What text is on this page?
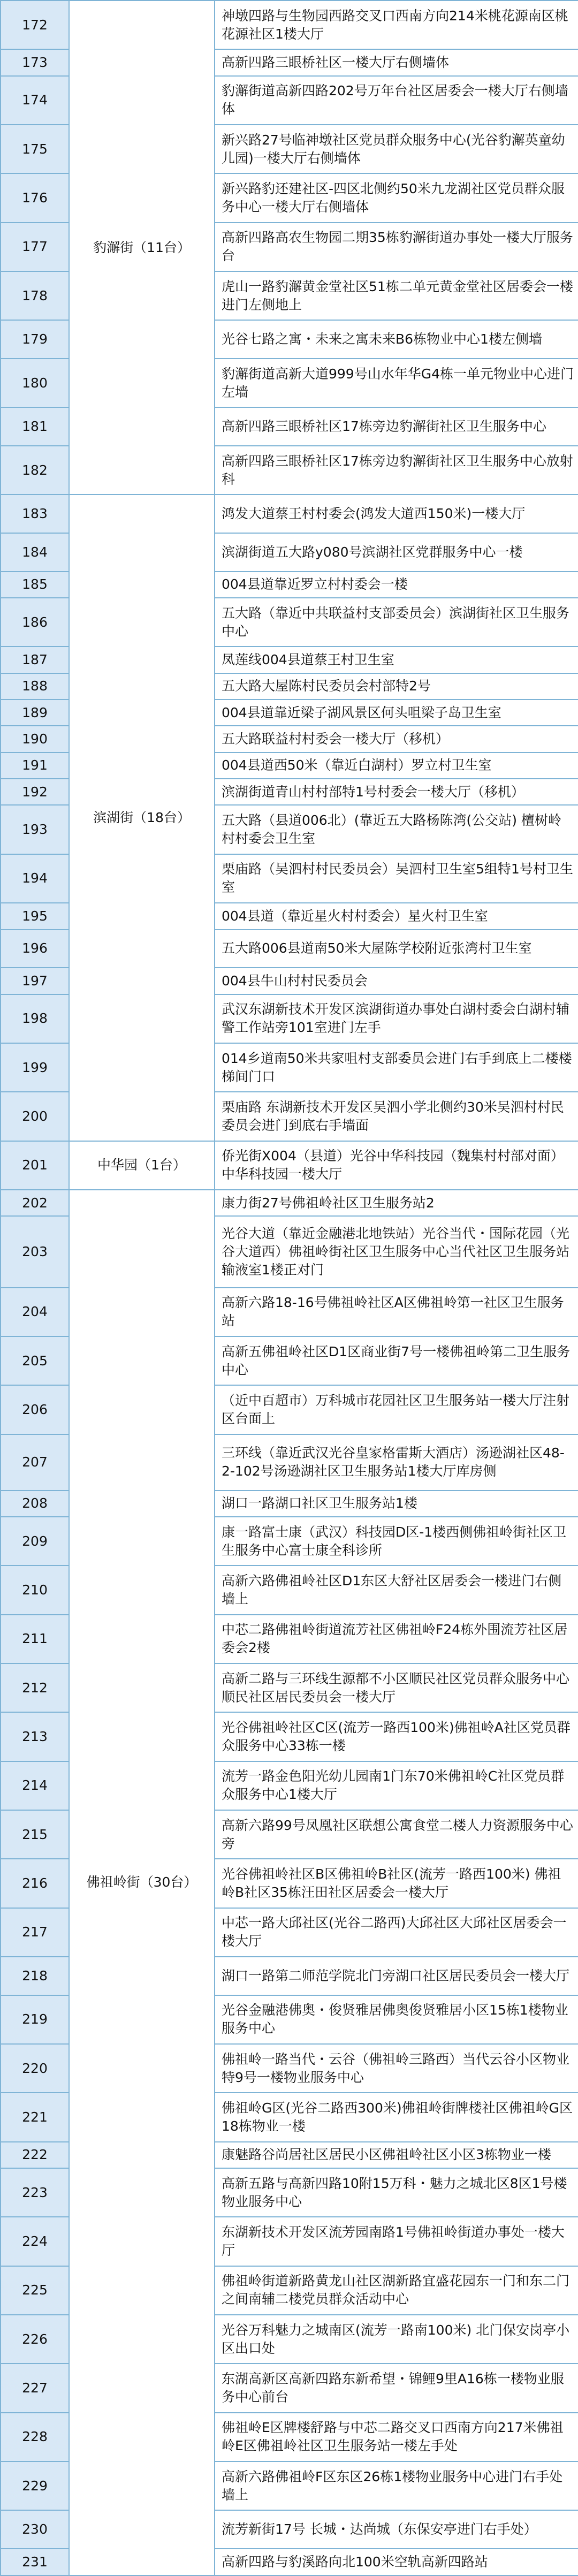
172	豹澥街（11台）	神墩四路与生物园西路交叉口西南方向214米桃花源南区桃花源社区1楼大厅
173		高新四路三眼桥社区一楼大厅右侧墙体
174		豹澥街道高新四路202号万年台社区居委会一楼大厅右侧墙体
175		新兴路27号临神墩社区党员群众服务中心(光谷豹澥英童幼儿园)一楼大厅右侧墙体
176		新兴路豹还建社区-四区北侧约50米九龙湖社区党员群众服务中心一楼大厅右侧墙体
177		高新四路高农生物园二期35栋豹澥街道办事处一楼大厅服务台
178		虎山一路豹澥黄金堂社区51栋二单元黄金堂社区居委会一楼进门左侧地上
179		光谷七路之寓・未来之寓未来B6栋物业中心1楼左侧墙
180		豹澥街道高新大道999号山水年华G4栋一单元物业中心进门左墙
181		高新四路三眼桥社区17栋旁边豹澥街社区卫生服务中心
182		高新四路三眼桥社区17栋旁边豹澥街社区卫生服务中心放射科
183	滨湖街（18台）	鸿发大道蔡王村村委会(鸿发大道西150米)一楼大厅
184		滨湖街道五大路y080号滨湖社区党群服务中心一楼
185		004县道靠近罗立村村委会一楼
186		五大路（靠近中共联益村支部委员会）滨湖街社区卫生服务中心
187		凤莲线004县道蔡王村卫生室
188		五大路大屋陈村民委员会村部特2号
189		004县道靠近梁子湖风景区何头咀梁子岛卫生室
190		五大路联益村村委会一楼大厅（移机）
191		004县道西50米（靠近白湖村）罗立村卫生室
192		滨湖街道青山村村部特1号村委会一楼大厅（移机）
193		五大路（县道006北）(靠近五大路杨陈湾(公交站) 檀树岭村村委会卫生室
194		栗庙路（吴泗村村民委员会）吴泗村卫生室5组特1号村卫生室
195		004县道（靠近星火村村委会）星火村卫生室
196		五大路006县道南50米大屋陈学校附近张湾村卫生室
197		004县牛山村村民委员会
198		武汉东湖新技术开发区滨湖街道办事处白湖村委会白湖村辅警工作站旁101室进门左手
199		014乡道南50米共家咀村支部委员会进门右手到底上二楼楼梯间门口
200		栗庙路 东湖新技术开发区吴泗小学北侧约30米吴泗村村民委员会进门到底右手墙面
201	中华园（1台）	侨光街X004（县道）光谷中华科技园（魏集村村部对面）中华科技园一楼大厅
202	佛祖岭街（30台）	康力街27号佛祖岭社区卫生服务站2
203		光谷大道（靠近金融港北地铁站）光谷当代・国际花园（光谷大道西）佛祖岭街社区卫生服务中心当代社区卫生服务站输液室1楼正对门
204		高新六路18-16号佛祖岭社区A区佛祖岭第一社区卫生服务站
205		高新五佛祖岭社区D1区商业街7号一楼佛祖岭第二卫生服务中心
206		（近中百超市）万科城市花园社区卫生服务站一楼大厅注射区台面上
207		三环线（靠近武汉光谷皇家格雷斯大酒店）汤逊湖社区48-2-102号汤逊湖社区卫生服务站1楼大厅库房侧
208		湖口一路湖口社区卫生服务站1楼
209		康一路富士康（武汉）科技园D区-1楼西侧佛祖岭街社区卫生服务中心富士康全科诊所
210		高新六路佛祖岭社区D1东区大舒社区居委会一楼进门右侧墙上
211		中芯二路佛祖岭街道流芳社区佛祖岭F24栋外围流芳社区居委会2楼
212		高新二路与三环线生源都不小区顺民社区党员群众服务中心顺民社区居民委员会一楼大厅
213		光谷佛祖岭社区C区(流芳一路西100米)佛祖岭A社区党员群众服务中心33栋一楼
214		流芳一路金色阳光幼儿园南1门东70米佛祖岭C社区党员群众服务中心1楼大厅
215		高新六路99号凤凰社区联想公寓食堂二楼人力资源服务中心旁
216		光谷佛祖岭社区B区佛祖岭B社区(流芳一路西100米) 佛祖岭B社区35栋汪田社区居委会一楼大厅
217		中芯一路大邱社区(光谷二路西)大邱社区大邱社区居委会一楼大厅
218		湖口一路第二师范学院北门旁湖口社区居民委员会一楼大厅
219		光谷金融港佛奥・俊贤雅居佛奥俊贤雅居小区15栋1楼物业服务中心
220		佛祖岭一路当代・云谷（佛祖岭三路西）当代云谷小区物业特9号一楼物业服务中心
221		佛祖岭G区(光谷二路西300米)佛祖岭街牌楼社区佛祖岭G区18栋物业一楼
222		康魅路谷尚居社区居民小区佛祖岭社区小区3栋物业一楼
223		高新五路与高新四路10附15万科・魅力之城北区8区1号楼物业服务中心
224		东湖新技术开发区流芳园南路1号佛祖岭街道办事处一楼大厅
225		佛祖岭街道新路黄龙山社区湖新路宜盛花园东一门和东二门之间南辅二楼党员群众活动中心
226		光谷万科魅力之城南区(流芳一路南100米) 北门保安岗亭小区出口处
227		东湖高新区高新四路东新希望・锦鲤9里A16栋一楼物业服务中心前台
228		佛祖岭E区牌楼舒路与中芯二路交叉口西南方向217米佛祖岭E区佛祖岭社区卫生服务站一楼左手处
229		高新六路佛祖岭F区东区26栋1楼物业服务中心进门右手处墙上
230		流芳新街17号 长城・达尚城（东保安亭进门右手处）
231		高新四路与豹溪路向北100米空轨高新四路站
